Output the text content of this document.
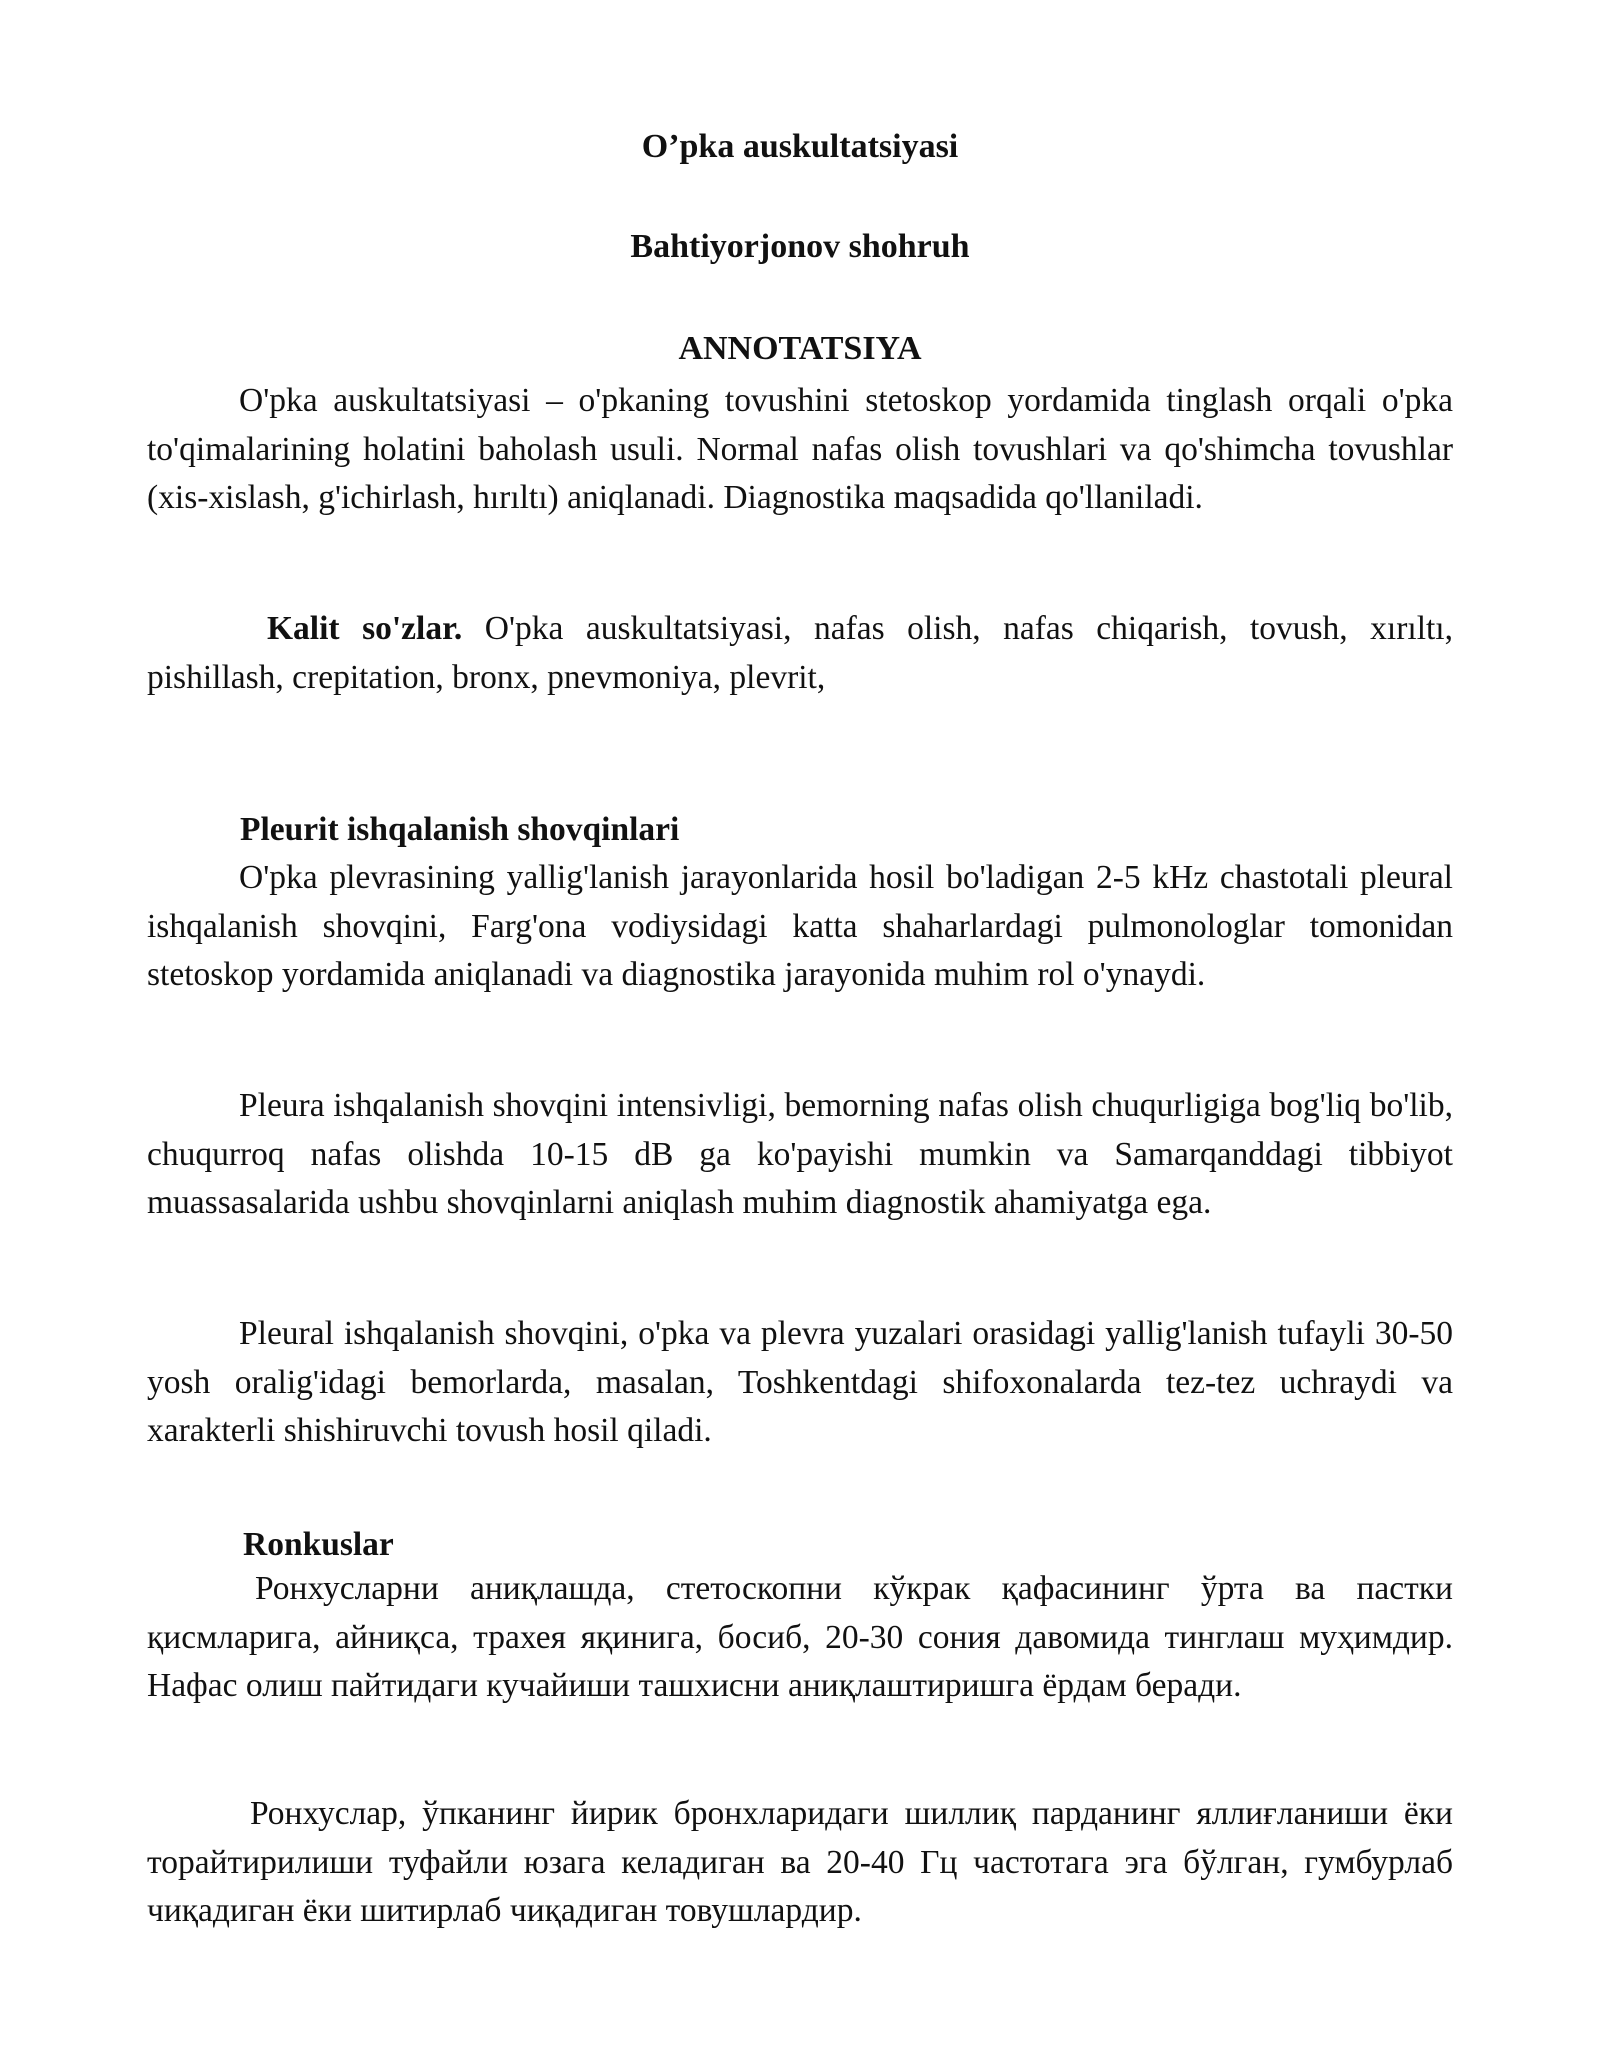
O’pka auskultatsiyasi
Bahtiyorjonov shohruh
ANNOTATSIYA
O'pka auskultatsiyasi – o'pkaning tovushini stetoskop yordamida tinglash orqali o'pka to'qimalarining holatini baholash usuli. Normal nafas olish tovushlari va qo'shimcha tovushlar (xis-xislash, g'ichirlash, hırıltı) aniqlanadi. Diagnostika maqsadida qo'llaniladi.
Kalit so'zlar. O'pka auskultatsiyasi, nafas olish, nafas chiqarish, tovush, xırıltı, pishillash, crepitation, bronx, pnevmoniya, plevrit,
Pleurit ishqalanish shovqinlari
O'pka plevrasining yallig'lanish jarayonlarida hosil bo'ladigan 2-5 kHz chastotali pleural ishqalanish shovqini, Farg'ona vodiysidagi katta shaharlardagi pulmonologlar tomonidan stetoskop yordamida aniqlanadi va diagnostika jarayonida muhim rol o'ynaydi.
Pleura ishqalanish shovqini intensivligi, bemorning nafas olish chuqurligiga bog'liq bo'lib, chuqurroq nafas olishda 10-15 dB ga ko'payishi mumkin va Samarqanddagi tibbiyot muassasalarida ushbu shovqinlarni aniqlash muhim diagnostik ahamiyatga ega.
Pleural ishqalanish shovqini, o'pka va plevra yuzalari orasidagi yallig'lanish tufayli 30-50 yosh oralig'idagi bemorlarda, masalan, Toshkentdagi shifoxonalarda tez-tez uchraydi va xarakterli shishiruvchi tovush hosil qiladi.
Ronkuslar
Ронхусларни аниқлашда, стетоскопни кўкрак қафасининг ўрта ва пастки қисмларига, айниқса, трахея яқинига, босиб, 20-30 сония давомида тинглаш муҳимдир. Нафас олиш пайтидаги кучайиши ташхисни аниқлаштиришга ёрдам беради.
Ронхуслар, ўпканинг йирик бронхларидаги шиллиқ парданинг яллиғланиши ёки торайтирилиши туфайли юзага келадиган ва 20-40 Гц частотага эга бўлган, гумбурлаб чиқадиган ёки шитирлаб чиқадиган товушлардир.
